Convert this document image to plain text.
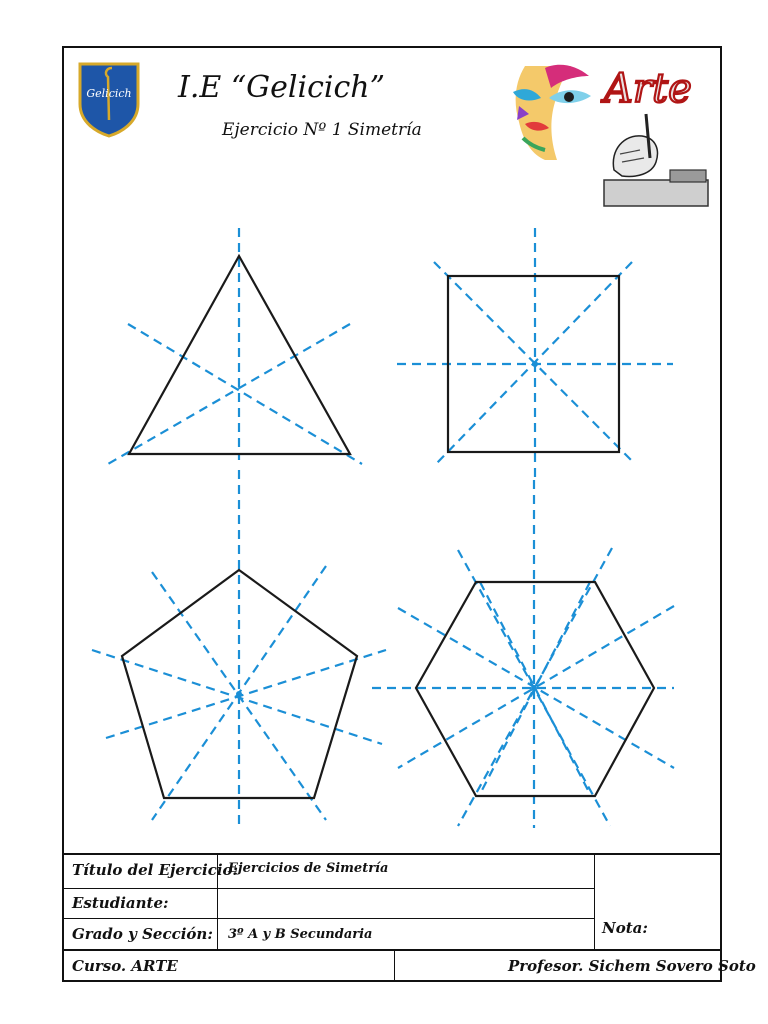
Gelicich I.E “Gelicich”
Ejercicio Nº 1 Simetría
Arte
Título del Ejercicio:
Ejercicios de Simetría
Estudiante:
Grado y Sección: 3º A y B Secundaria	Nota:
Curso. ARTE	Profesor. Sichem Sovero Soto
